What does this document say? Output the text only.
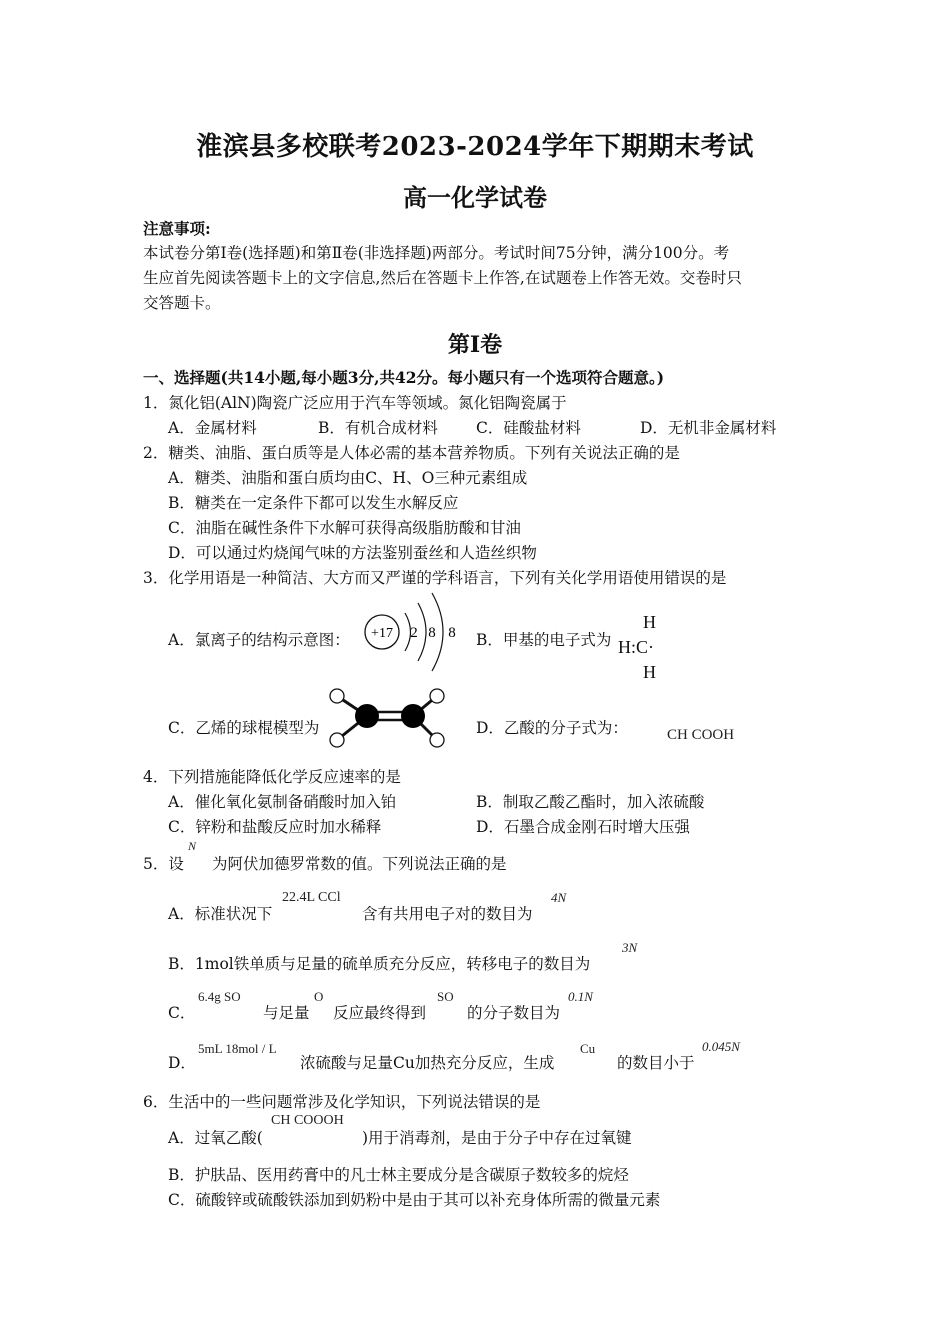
淮滨县多校联考2023-2024学年下期期末考试
高一化学试卷
注意事项:
本试卷分第Ⅰ卷(选择题)和第Ⅱ卷(非选择题)两部分。考试时间75分钟，满分100分。考
生应首先阅读答题卡上的文字信息,然后在答题卡上作答,在试题卷上作答无效。交卷时只
交答题卡。
第Ⅰ卷
一、选择题(共14小题,每小题3分,共42分。每小题只有一个选项符合题意。)
1．氮化铝(AlN)陶瓷广泛应用于汽车等领域。氮化铝陶瓷属于
A．金属材料	B．有机合成材料 C．硅酸盐材料	D．无机非金属材料
2．糖类、油脂、蛋白质等是人体必需的基本营养物质。下列有关说法正确的是
A．糖类、油脂和蛋白质均由C、H、O三种元素组成
B．糖类在一定条件下都可以发生水解反应
C．油脂在碱性条件下水解可获得高级脂肪酸和甘油
D．可以通过灼烧闻气味的方法鉴别蚕丝和人造丝织物
3．化学用语是一种简洁、大方而又严谨的学科语言，下列有关化学用语使用错误的是
A．氯离子的结构示意图： +17 2 8 8 B．甲基的电子式为
H
H:C·
H
C．乙烯的球棍模型为	D．乙酸的分子式为：	CH COOH
4．下列措施能降低化学反应速率的是
A．催化氧化氨制备硝酸时加入铂	B．制取乙酸乙酯时，加入浓硫酸
C．锌粉和盐酸反应时加水稀释	D．石墨合成金刚石时增大压强
5．设
N
为阿伏加德罗常数的值。下列说法正确的是
A．标准状况下
22.4L CCl
含有共用电子对的数目为
4N
B．1mol铁单质与足量的硫单质充分反应，转移电子的数目为
3N
C．
6.4g SO
与足量
O
反应最终得到
SO
的分子数目为
0.1N
D．
5mL 18mol / L
浓硫酸与足量Cu加热充分反应，生成
Cu
的数目小于
0.045N
6．生活中的一些问题常涉及化学知识，下列说法错误的是
A．过氧乙酸(
CH COOOH
)用于消毒剂，是由于分子中存在过氧键
B．护肤品、医用药膏中的凡士林主要成分是含碳原子数较多的烷烃
C．硫酸锌或硫酸铁添加到奶粉中是由于其可以补充身体所需的微量元素
